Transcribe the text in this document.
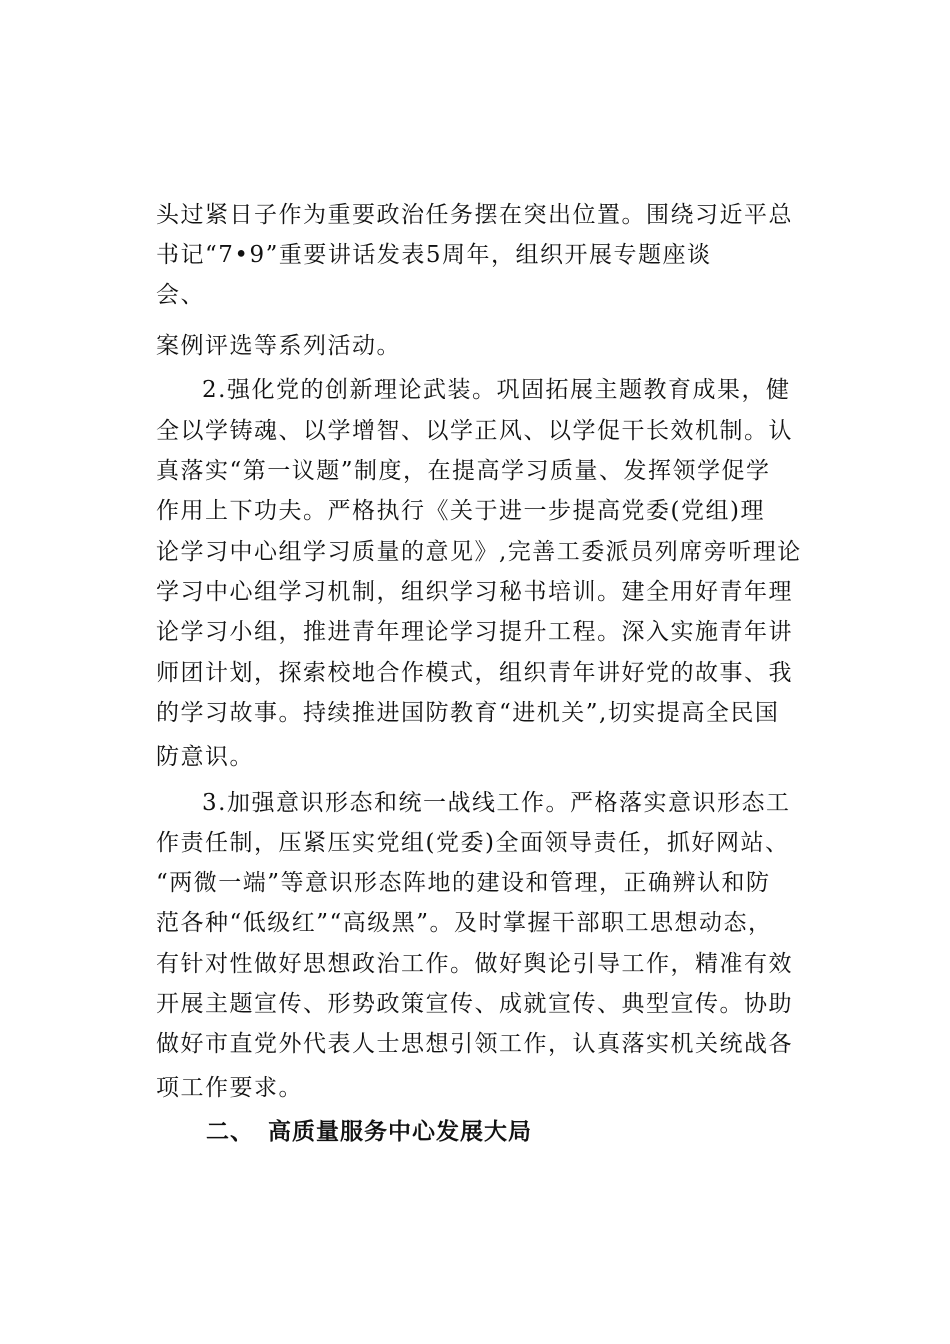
头过紧日子作为重要政治任务摆在突出位置。围绕习近平总
书记“7•9”重要讲话发表5周年，组织开展专题座谈
会、
案例评选等系列活动。
2.强化党的创新理论武装。巩固拓展主题教育成果，健
全以学铸魂、以学增智、以学正风、以学促干长效机制。认
真落实“第一议题”制度，在提高学习质量、发挥领学促学
作用上下功夫。严格执行《关于进一步提高党委(党组)理
论学习中心组学习质量的意见》,完善工委派员列席旁听理论
学习中心组学习机制，组织学习秘书培训。建全用好青年理
论学习小组，推进青年理论学习提升工程。深入实施青年讲
师团计划，探索校地合作模式，组织青年讲好党的故事、我
的学习故事。持续推进国防教育“进机关”,切实提高全民国
防意识。
3.加强意识形态和统一战线工作。严格落实意识形态工
作责任制，压紧压实党组(党委)全面领导责任，抓好网站、
“两微一端”等意识形态阵地的建设和管理，正确辨认和防
范各种“低级红”“高级黑”。及时掌握干部职工思想动态，
有针对性做好思想政治工作。做好舆论引导工作，精准有效
开展主题宣传、形势政策宣传、成就宣传、典型宣传。协助
做好市直党外代表人士思想引领工作，认真落实机关统战各
项工作要求。
二、 高质量服务中心发展大局
